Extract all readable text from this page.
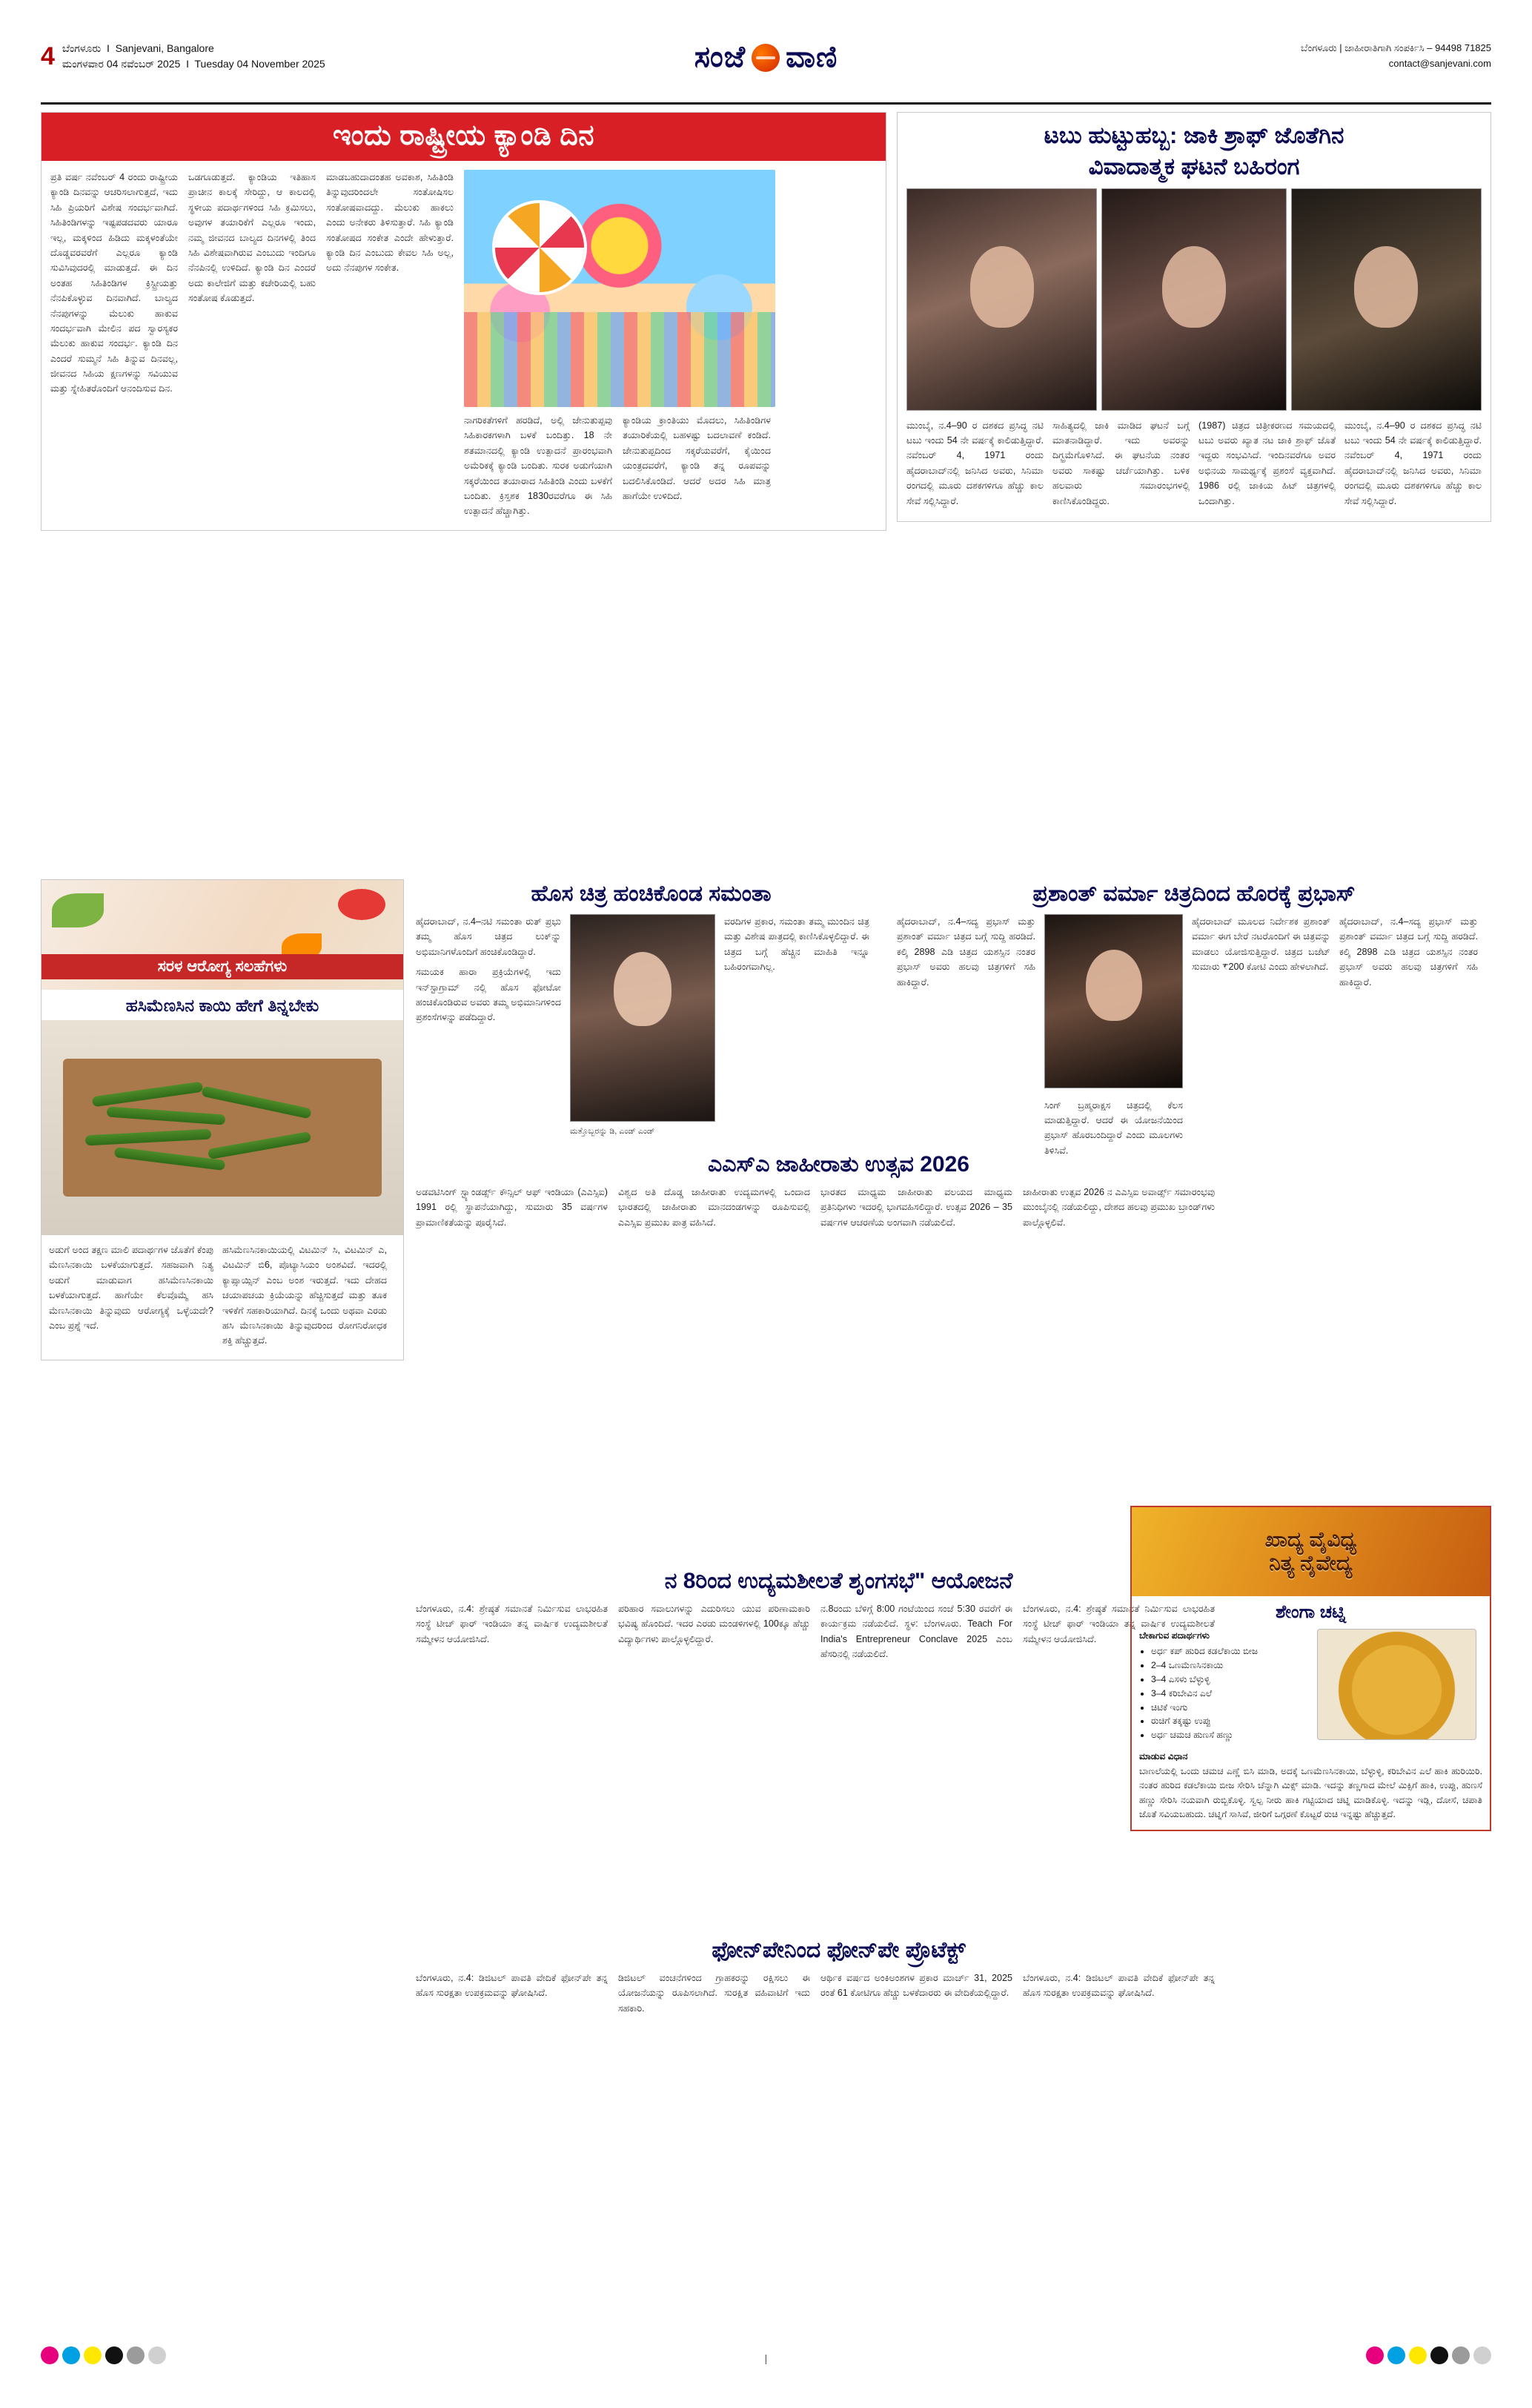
4 ಬೆಂಗಳೂರು  I  Sanjevani, Bangalore
ಮಂಗಳವಾರ 04 ನವೆಂಬರ್ 2025  I  Tuesday 04 November 2025	ಸಂಜೆ ವಾಣಿ	ಬೆಂಗಳೂರು | ಜಾಹೀರಾತಿಗಾಗಿ ಸಂಪರ್ಕಿಸಿ – 94498 71825
contact@sanjevani.com
ಇಂದು ರಾಷ್ಟ್ರೀಯ ಕ್ಯಾಂಡಿ ದಿನ

ಪ್ರತಿ ವರ್ಷ ನವೆಂಬರ್ 4 ರಂದು ರಾಷ್ಟ್ರೀಯ ಕ್ಯಾಂಡಿ ದಿನವನ್ನು ಆಚರಿಸಲಾಗುತ್ತದೆ, ಇದು ಸಿಹಿ ಪ್ರಿಯರಿಗೆ ವಿಶೇಷ ಸಂದರ್ಭವಾಗಿದೆ. ಸಿಹಿತಿಂಡಿಗಳನ್ನು ಇಷ್ಟಪಡದವರು ಯಾರೂ ಇಲ್ಲ, ಮಕ್ಕಳಿಂದ ಹಿಡಿದು ಮಕ್ಕಳಂತೆಯೇ ದೊಡ್ಡವರವರೆಗೆ ಎಲ್ಲರೂ ಕ್ಯಾಂಡಿ ಸುವಿಸಿವುದರಲ್ಲಿ ಮಾಡುತ್ತದೆ. ಈ ದಿನ ಅಂತಹ ಸಿಹಿತಿಂಡಿಗಳ ಕ್ರಿಸ್ಟ್ರೀಯತ್ತು ನೆನಪಿಕೊಳ್ಳುವ ದಿನವಾಗಿದೆ. ಬಾಲ್ಯದ ನೆನಪುಗಳನ್ನು ಮೆಲುಕು ಹಾಕುವ ಸಂದರ್ಭವಾಗಿ ಮೇಲಿನ ಪದ ಸ್ವಾರಸ್ಯಕರ ಮೆಲುಕು ಹಾಕುವ ಸಂದರ್ಭ. ಕ್ಯಾಂಡಿ ದಿನ ಎಂದರೆ ಸುಮ್ಮನೆ ಸಿಹಿ ತಿನ್ನುವ ದಿನವಲ್ಲ, ಜೀವನದ ಸಿಹಿಯ ಕ್ಷಣಗಳನ್ನು ಸವಿಯುವ ಮತ್ತು ಸ್ನೇಹಿತರೊಂದಿಗೆ ಆನಂದಿಸುವ ದಿನ.

ಒಡಗೂಡುತ್ತದೆ. ಕ್ಯಾಂಡಿಯ ಇತಿಹಾಸ ಪ್ರಾಚೀನ ಕಾಲಕ್ಕೆ ಸೇರಿದ್ದು, ಆ ಕಾಲದಲ್ಲಿ ಸ್ಥಳೀಯ ಪದಾರ್ಥಗಳಿಂದ ಸಿಹಿ ಕ್ರಮಿಸಲು, ಅವುಗಳ ತಯಾರಿಕೆಗೆ ಎಲ್ಲರೂ ಇಂದು, ನಮ್ಮ ಜೀವನದ ಬಾಲ್ಯದ ದಿನಗಳಲ್ಲಿ ತಿಂದ ಸಿಹಿ ವಿಶೇಷವಾಗಿರುವ ಎಂಬುದು ಇಂದಿಗೂ ನೆನಪಿನಲ್ಲಿ ಉಳಿದಿದೆ. ಕ್ಯಾಂಡಿ ದಿನ ಎಂದರೆ ಅದು ಕಾಲೇಜಿಗೆ ಮತ್ತು ಕಚೇರಿಯಲ್ಲಿ ಬಹು ಸಂತೋಷ ಕೊಡುತ್ತದೆ.

ಮಾಡಬಹುದಾದಂತಹ ಅವಕಾಶ, ಸಿಹಿತಿಂಡಿ ತಿನ್ನುವುದರಿಂದಲೇ ಸಂತೋಷಿಸಲ ಸಂತೋಷವಾದದ್ದು. ಮೆಲುಕು ಹಾಕಲು ಎಂದು ಅನೇಕರು ತಿಳಿಸುತ್ತಾರೆ. ಸಿಹಿ ಕ್ಯಾಂಡಿ ಸಂತೋಷದ ಸಂಕೇತ ಎಂದೇ ಹೇಳುತ್ತಾರೆ. ಕ್ಯಾಂಡಿ ದಿನ ಎಂಬುದು ಕೇವಲ ಸಿಹಿ ಅಲ್ಲ, ಅದು ನೆನಪುಗಳ ಸಂಕೇತ.

ನಾಗರಿಕತೆಗಳಿಗೆ ಹರಡಿದೆ, ಅಲ್ಲಿ ಜೇನುತುಪ್ಪವು ಸಿಹಿಕಾರಕಗಳಾಗಿ ಬಳಕೆ ಬಂದಿತ್ತು. 18 ನೇ ಶತಮಾನದಲ್ಲಿ ಕ್ಯಾಂಡಿ ಉತ್ಪಾದನೆ ಪ್ರಾರಂಭವಾಗಿ ಅಮೆರಿಕಕ್ಕೆ ಕ್ಯಾಂಡಿ ಬಂದಿತು. ಸುರಕ ಅಡುಗೆಯಾಗಿ ಸಕ್ಕರೆಯಿಂದ ತಯಾರಾದ ಸಿಹಿತಿಂಡಿ ಎಂದು ಬಳಕೆಗೆ ಬಂದಿತು. ಕ್ರಿಸ್ತಶಕ 1830ರವರೆಗೂ ಈ ಸಿಹಿ ಉತ್ಪಾದನೆ ಹೆಚ್ಚಾಗಿತ್ತು.

ಕ್ಯಾಂಡಿಯ ಕ್ರಾಂತಿಯು ಮೊದಲು, ಸಿಹಿತಿಂಡಿಗಳ ತಯಾರಿಕೆಯಲ್ಲಿ ಬಹಳಷ್ಟು ಬದಲಾವಣೆ ಕಂಡಿದೆ. ಜೇನುತುಪ್ಪದಿಂದ ಸಕ್ಕರೆಯವರೆಗೆ, ಕೈಯಿಂದ ಯಂತ್ರದವರೆಗೆ, ಕ್ಯಾಂಡಿ ತನ್ನ ರೂಪವನ್ನು ಬದಲಿಸಿಕೊಂಡಿದೆ. ಆದರೆ ಅದರ ಸಿಹಿ ಮಾತ್ರ ಹಾಗೆಯೇ ಉಳಿದಿದೆ.

ಟಬು ಹುಟ್ಟುಹಬ್ಬ: ಜಾಕಿ ಶ್ರಾಫ್ ಜೊತೆಗಿನ
ವಿವಾದಾತ್ಮಕ ಘಟನೆ ಬಹಿರಂಗ

ಮುಂಬೈ, ನ.4–90 ರ ದಶಕದ ಪ್ರಸಿದ್ಧ ನಟಿ ಟಬು ಇಂದು 54 ನೇ ವರ್ಷಕ್ಕೆ ಕಾಲಿಡುತ್ತಿದ್ದಾರೆ. ನವೆಂಬರ್ 4, 1971 ರಂದು ಹೈದರಾಬಾದ್‌ನಲ್ಲಿ ಜನಿಸಿದ ಅವರು, ಸಿನಿಮಾ ರಂಗದಲ್ಲಿ ಮೂರು ದಶಕಗಳಿಗೂ ಹೆಚ್ಚು ಕಾಲ ಸೇವೆ ಸಲ್ಲಿಸಿದ್ದಾರೆ.

ಸಾಹಿತ್ಯದಲ್ಲಿ ಜಾಕಿ ಮಾಡಿದ ಘಟನೆ ಬಗ್ಗೆ ಮಾತನಾಡಿದ್ದಾರೆ. ಇದು ಅವರನ್ನು ದಿಗ್ಭ್ರಮೆಗೊಳಿಸಿದೆ. ಈ ಘಟನೆಯ ನಂತರ ಅವರು ಸಾಕಷ್ಟು ಚರ್ಚೆಯಾಗಿತ್ತು. ಬಳಿಕ ಹಲವಾರು ಸಮಾರಂಭಗಳಲ್ಲಿ ಕಾಣಿಸಿಕೊಂಡಿದ್ದರು.

(1987) ಚಿತ್ರದ ಚಿತ್ರೀಕರಣದ ಸಮಯದಲ್ಲಿ ಟಬು ಅವರು ಖ್ಯಾತ ನಟ ಜಾಕಿ ಶ್ರಾಫ್ ಜೊತೆ ಇದ್ದರು ಸಂಭವಿಸಿದೆ. ಇಂದಿನವರೆಗೂ ಅವರ ಅಭಿನಯ ಸಾಮರ್ಥ್ಯಕ್ಕೆ ಪ್ರಶಂಸೆ ವ್ಯಕ್ತವಾಗಿದೆ. 1986 ರಲ್ಲಿ ಜಾಕಿಯ ಹಿಟ್ ಚಿತ್ರಗಳಲ್ಲಿ ಒಂದಾಗಿತ್ತು.

ಮುಂಬೈ, ನ.4–90 ರ ದಶಕದ ಪ್ರಸಿದ್ಧ ನಟಿ ಟಬು ಇಂದು 54 ನೇ ವರ್ಷಕ್ಕೆ ಕಾಲಿಡುತ್ತಿದ್ದಾರೆ. ನವೆಂಬರ್ 4, 1971 ರಂದು ಹೈದರಾಬಾದ್‌ನಲ್ಲಿ ಜನಿಸಿದ ಅವರು, ಸಿನಿಮಾ ರಂಗದಲ್ಲಿ ಮೂರು ದಶಕಗಳಿಗೂ ಹೆಚ್ಚು ಕಾಲ ಸೇವೆ ಸಲ್ಲಿಸಿದ್ದಾರೆ.

ಸರಳ ಆರೋಗ್ಯ ಸಲಹೆಗಳು
ಹಸಿಮೆಣಸಿನ ಕಾಯಿ ಹೇಗೆ ತಿನ್ನಬೇಕು

ಅಡುಗೆ ಅಂದ ತಕ್ಷಣ ಮಾಲಿ ಪದಾರ್ಥಗಳ ಜೊತೆಗೆ ಕೆಂಪು ಮೆಣಸಿನಕಾಯಿ ಬಳಕೆಯಾಗುತ್ತದೆ. ಸಹಜವಾಗಿ ನಿತ್ಯ ಅಡುಗೆ ಮಾಡುವಾಗ ಹಸಿಮೆಣಸಿನಕಾಯಿ ಬಳಕೆಯಾಗುತ್ತದೆ. ಹಾಗೆಯೇ ಕೆಲವೊಮ್ಮೆ ಹಸಿ ಮೆಣಸಿನಕಾಯಿ ತಿನ್ನುವುದು ಆರೋಗ್ಯಕ್ಕೆ ಒಳ್ಳೆಯದೇ? ಎಂಬ ಪ್ರಶ್ನೆ ಇದೆ.

ಹಸಿಮೆಣಸಿನಕಾಯಿಯಲ್ಲಿ ವಿಟಮಿನ್ ಸಿ, ವಿಟಮಿನ್ ಎ, ವಿಟಮಿನ್ ಬಿ6, ಪೊಟ್ಯಾಸಿಯಂ ಅಂಶವಿದೆ. ಇದರಲ್ಲಿ ಕ್ಯಾಪ್ಸಾಯ್ಸಿನ್ ಎಂಬ ಅಂಶ ಇರುತ್ತದೆ. ಇದು ದೇಹದ ಚಯಾಪಚಯ ಕ್ರಿಯೆಯನ್ನು ಹೆಚ್ಚಿಸುತ್ತದೆ ಮತ್ತು ತೂಕ ಇಳಿಕೆಗೆ ಸಹಕಾರಿಯಾಗಿದೆ. ದಿನಕ್ಕೆ ಒಂದು ಅಥವಾ ಎರಡು ಹಸಿ ಮೆಣಸಿನಕಾಯಿ ತಿನ್ನುವುದರಿಂದ ರೋಗನಿರೋಧಕ ಶಕ್ತಿ ಹೆಚ್ಚುತ್ತದೆ.

ಹೊಸ ಚಿತ್ರ ಹಂಚಿಕೊಂಡ ಸಮಂತಾ

ಹೈದರಾಬಾದ್, ನ.4–ನಟಿ ಸಮಂತಾ ರುತ್ ಪ್ರಭು ತಮ್ಮ ಹೊಸ ಚಿತ್ರದ ಲುಕ್‌ನ್ನು ಅಭಿಮಾನಿಗಳೊಂದಿಗೆ ಹಂಚಿಕೊಂಡಿದ್ದಾರೆ.

ಸಮಯಕ ಹಾರಾ ಪ್ರಕ್ರಿಯೆಗಳಲ್ಲಿ ಇದು ಇನ್‌ಸ್ಟಾಗ್ರಾಮ್ ನಲ್ಲಿ ಹೊಸ ಫೋಟೋ ಹಂಚಿಕೊಂಡಿರುವ ಅವರು ತಮ್ಮ ಅಭಿಮಾನಿಗಳಿಂದ ಪ್ರಶಂಸೆಗಳನ್ನು ಪಡೆದಿದ್ದಾರೆ.

ಮತ್ತೊಬ್ಬರನ್ನು ಡಿ, ಎಂಡ್ ಎಂಡ್

ವರದಿಗಳ ಪ್ರಕಾರ, ಸಮಂತಾ ತಮ್ಮ ಮುಂದಿನ ಚಿತ್ರ ಮತ್ತು ವಿಶೇಷ ಪಾತ್ರದಲ್ಲಿ ಕಾಣಿಸಿಕೊಳ್ಳಲಿದ್ದಾರೆ. ಈ ಚಿತ್ರದ ಬಗ್ಗೆ ಹೆಚ್ಚಿನ ಮಾಹಿತಿ ಇನ್ನೂ ಬಹಿರಂಗವಾಗಿಲ್ಲ.

ಪ್ರಶಾಂತ್ ವರ್ಮಾ ಚಿತ್ರದಿಂದ ಹೊರಕ್ಕೆ ಪ್ರಭಾಸ್

ಹೈದರಾಬಾದ್, ನ.4–ಸದ್ಯ ಪ್ರಭಾಸ್ ಮತ್ತು ಪ್ರಶಾಂತ್ ವರ್ಮಾ ಚಿತ್ರದ ಬಗ್ಗೆ ಸುದ್ದಿ ಹರಡಿದೆ. ಕಲ್ಕಿ 2898 ಎಡಿ ಚಿತ್ರದ ಯಶಸ್ಸಿನ ನಂತರ ಪ್ರಭಾಸ್ ಅವರು ಹಲವು ಚಿತ್ರಗಳಿಗೆ ಸಹಿ ಹಾಕಿದ್ದಾರೆ.

ಸಿಂಗ್ ಬ್ರಹ್ಮರಾಕ್ಷಸ ಚಿತ್ರದಲ್ಲಿ ಕೆಲಸ ಮಾಡುತ್ತಿದ್ದಾರೆ. ಆದರೆ ಈ ಯೋಜನೆಯಿಂದ ಪ್ರಭಾಸ್ ಹೊರಬಂದಿದ್ದಾರೆ ಎಂದು ಮೂಲಗಳು ತಿಳಿಸಿವೆ.

ಹೈದರಾಬಾದ್ ಮೂಲದ ನಿರ್ದೇಶಕ ಪ್ರಶಾಂತ್ ವರ್ಮಾ ಈಗ ಬೇರೆ ನಟರೊಂದಿಗೆ ಈ ಚಿತ್ರವನ್ನು ಮಾಡಲು ಯೋಜಿಸುತ್ತಿದ್ದಾರೆ. ಚಿತ್ರದ ಬಜೆಟ್ ಸುಮಾರು ₹200 ಕೋಟಿ ಎಂದು ಹೇಳಲಾಗಿದೆ.

ಹೈದರಾಬಾದ್, ನ.4–ಸದ್ಯ ಪ್ರಭಾಸ್ ಮತ್ತು ಪ್ರಶಾಂತ್ ವರ್ಮಾ ಚಿತ್ರದ ಬಗ್ಗೆ ಸುದ್ದಿ ಹರಡಿದೆ. ಕಲ್ಕಿ 2898 ಎಡಿ ಚಿತ್ರದ ಯಶಸ್ಸಿನ ನಂತರ ಪ್ರಭಾಸ್ ಅವರು ಹಲವು ಚಿತ್ರಗಳಿಗೆ ಸಹಿ ಹಾಕಿದ್ದಾರೆ.

ಎಎಸ್ಎ ಜಾಹೀರಾತು ಉತ್ಸವ 2026

ಅಡವಟಿಸಿಂಗ್ ಸ್ಟ್ಯಾಂಡರ್ಡ್ಸ್ ಕೌನ್ಸಿಲ್ ಆಫ್ ಇಂಡಿಯಾ (ಎಎಸ್ಸಿಐ) 1991 ರಲ್ಲಿ ಸ್ಥಾಪನೆಯಾಗಿದ್ದು, ಸುಮಾರು 35 ವರ್ಷಗಳ ಪ್ರಾಮಾಣಿಕತೆಯನ್ನು ಪೂರೈಸಿದೆ.

ವಿಶ್ವದ ಅತಿ ದೊಡ್ಡ ಜಾಹೀರಾತು ಉದ್ಯಮಗಳಲ್ಲಿ ಒಂದಾದ ಭಾರತದಲ್ಲಿ ಜಾಹೀರಾತು ಮಾನದಂಡಗಳನ್ನು ರೂಪಿಸುವಲ್ಲಿ ಎಎಸ್ಸಿಐ ಪ್ರಮುಖ ಪಾತ್ರ ವಹಿಸಿದೆ.

ಭಾರತದ ಮಾಧ್ಯಮ ಜಾಹೀರಾತು ವಲಯದ ಮಾಧ್ಯಮ ಪ್ರತಿನಿಧಿಗಳು ಇದರಲ್ಲಿ ಭಾಗವಹಿಸಲಿದ್ದಾರೆ. ಉತ್ಸವ 2026 – 35 ವರ್ಷಗಳ ಆಚರಣೆಯ ಅಂಗವಾಗಿ ನಡೆಯಲಿದೆ.

ಜಾಹೀರಾತು ಉತ್ಸವ 2026 ನ ಎಎಸ್ಸಿಐ ಅವಾರ್ಡ್ಸ್ ಸಮಾರಂಭವು ಮುಂಬೈನಲ್ಲಿ ನಡೆಯಲಿದ್ದು, ದೇಶದ ಹಲವು ಪ್ರಮುಖ ಬ್ರಾಂಡ್‌ಗಳು ಪಾಲ್ಗೊಳ್ಳಲಿವೆ.

ನ 8ರಿಂದ ಉದ್ಯಮಶೀಲತೆ ಶೃಂಗಸಭೆ" ಆಯೋಜನೆ

ಬೆಂಗಳೂರು, ನ.4: ಶ್ರೇಷ್ಠತೆ ಸಮಾನತೆ ನಿರ್ಮಿಸುವ ಲಾಭರಹಿತ ಸಂಸ್ಥೆ ಟೀಚ್ ಫಾರ್ ಇಂಡಿಯಾ ತನ್ನ ವಾರ್ಷಿಕ ಉದ್ಯಮಶೀಲತೆ ಸಮ್ಮೇಳನ ಆಯೋಜಿಸಿದೆ.

ಪರಿಹಾರ ಸವಾಲುಗಳನ್ನು ಎದುರಿಸಲು ಯುವ ಪರಿಣಾಮಕಾರಿ ಭವಿಷ್ಯ ಹೊಂದಿದೆ. ಇದರ ಎರಡು ಮಂಡಳಿಗಳಲ್ಲಿ 100ಕ್ಕೂ ಹೆಚ್ಚು ವಿದ್ಯಾರ್ಥಿಗಳು ಪಾಲ್ಗೊಳ್ಳಲಿದ್ದಾರೆ.

ನ.8ರಂದು ಬೆಳಿಗ್ಗೆ 8:00 ಗಂಟೆಯಿಂದ ಸಂಜೆ 5:30 ರವರೆಗೆ ಈ ಕಾರ್ಯಕ್ರಮ ನಡೆಯಲಿದೆ. ಸ್ಥಳ: ಬೆಂಗಳೂರು. Teach For India's Entrepreneur Conclave 2025 ಎಂಬ ಹೆಸರಿನಲ್ಲಿ ನಡೆಯಲಿದೆ.

ಬೆಂಗಳೂರು, ನ.4: ಶ್ರೇಷ್ಠತೆ ಸಮಾನತೆ ನಿರ್ಮಿಸುವ ಲಾಭರಹಿತ ಸಂಸ್ಥೆ ಟೀಚ್ ಫಾರ್ ಇಂಡಿಯಾ ತನ್ನ ವಾರ್ಷಿಕ ಉದ್ಯಮಶೀಲತೆ ಸಮ್ಮೇಳನ ಆಯೋಜಿಸಿದೆ.

ಫೋನ್‌ಪೇನಿಂದ ಫೋನ್‌ಪೇ ಪ್ರೊಟೆಕ್ಟ್

ಬೆಂಗಳೂರು, ನ.4: ಡಿಜಿಟಲ್ ಪಾವತಿ ವೇದಿಕೆ ಫೋನ್‌ಪೇ ತನ್ನ ಹೊಸ ಸುರಕ್ಷತಾ ಉಪಕ್ರಮವನ್ನು ಘೋಷಿಸಿದೆ.

ಡಿಜಿಟಲ್ ವಂಚನೆಗಳಿಂದ ಗ್ರಾಹಕರನ್ನು ರಕ್ಷಿಸಲು ಈ ಯೋಜನೆಯನ್ನು ರೂಪಿಸಲಾಗಿದೆ. ಸುರಕ್ಷಿತ ವಹಿವಾಟಿಗೆ ಇದು ಸಹಕಾರಿ.

ಆರ್ಥಿಕ ವರ್ಷದ ಅಂಕಿಅಂಶಗಳ ಪ್ರಕಾರ ಮಾರ್ಚ್ 31, 2025 ರಂತೆ 61 ಕೋಟಿಗೂ ಹೆಚ್ಚು ಬಳಕೆದಾರರು ಈ ವೇದಿಕೆಯಲ್ಲಿದ್ದಾರೆ.

ಬೆಂಗಳೂರು, ನ.4: ಡಿಜಿಟಲ್ ಪಾವತಿ ವೇದಿಕೆ ಫೋನ್‌ಪೇ ತನ್ನ ಹೊಸ ಸುರಕ್ಷತಾ ಉಪಕ್ರಮವನ್ನು ಘೋಷಿಸಿದೆ.

ಖಾದ್ಯ ವೈವಿಧ್ಯ
ನಿತ್ಯ ನೈವೇದ್ಯ
ಶೇಂಗಾ ಚಟ್ನಿ
ಬೇಕಾಗುವ ಪದಾರ್ಥಗಳು
• ಅರ್ಧ ಕಪ್ ಹುರಿದ ಕಡಲೆಕಾಯಿ ಬೀಜ
• 2–4 ಒಣಮೆಣಸಿನಕಾಯಿ
• 3–4 ಎಸಳು ಬೆಳ್ಳುಳ್ಳಿ
• 3–4 ಕರಿಬೇವಿನ ಎಲೆ
• ಚಿಟಿಕೆ ಇಂಗು
• ರುಚಿಗೆ ತಕ್ಕಷ್ಟು ಉಪ್ಪು
• ಅರ್ಧ ಚಮಚ ಹುಣಸೆ ಹಣ್ಣು
ಮಾಡುವ ವಿಧಾನ
ಬಾಣಲೆಯಲ್ಲಿ ಒಂದು ಚಮಚ ಎಣ್ಣೆ ಬಿಸಿ ಮಾಡಿ, ಅದಕ್ಕೆ ಒಣಮೆಣಸಿನಕಾಯಿ, ಬೆಳ್ಳುಳ್ಳಿ, ಕರಿಬೇವಿನ ಎಲೆ ಹಾಕಿ ಹುರಿಯಿರಿ. ನಂತರ ಹುರಿದ ಕಡಲೆಕಾಯಿ ಬೀಜ ಸೇರಿಸಿ ಚೆನ್ನಾಗಿ ಮಿಕ್ಸ್ ಮಾಡಿ. ಇದನ್ನು ತಣ್ಣಗಾದ ಮೇಲೆ ಮಿಕ್ಸಿಗೆ ಹಾಕಿ, ಉಪ್ಪು, ಹುಣಸೆ ಹಣ್ಣು ಸೇರಿಸಿ ನಯವಾಗಿ ರುಬ್ಬಿಕೊಳ್ಳಿ. ಸ್ವಲ್ಪ ನೀರು ಹಾಕಿ ಗಟ್ಟಿಯಾದ ಚಟ್ನಿ ಮಾಡಿಕೊಳ್ಳಿ. ಇದನ್ನು ಇಡ್ಲಿ, ದೋಸೆ, ಚಪಾತಿ ಜೊತೆ ಸವಿಯಬಹುದು. ಚಟ್ನಿಗೆ ಸಾಸಿವೆ, ಜೀರಿಗೆ ಒಗ್ಗರಣೆ ಕೊಟ್ಟರೆ ರುಚಿ ಇನ್ನಷ್ಟು ಹೆಚ್ಚುತ್ತದೆ.
|
